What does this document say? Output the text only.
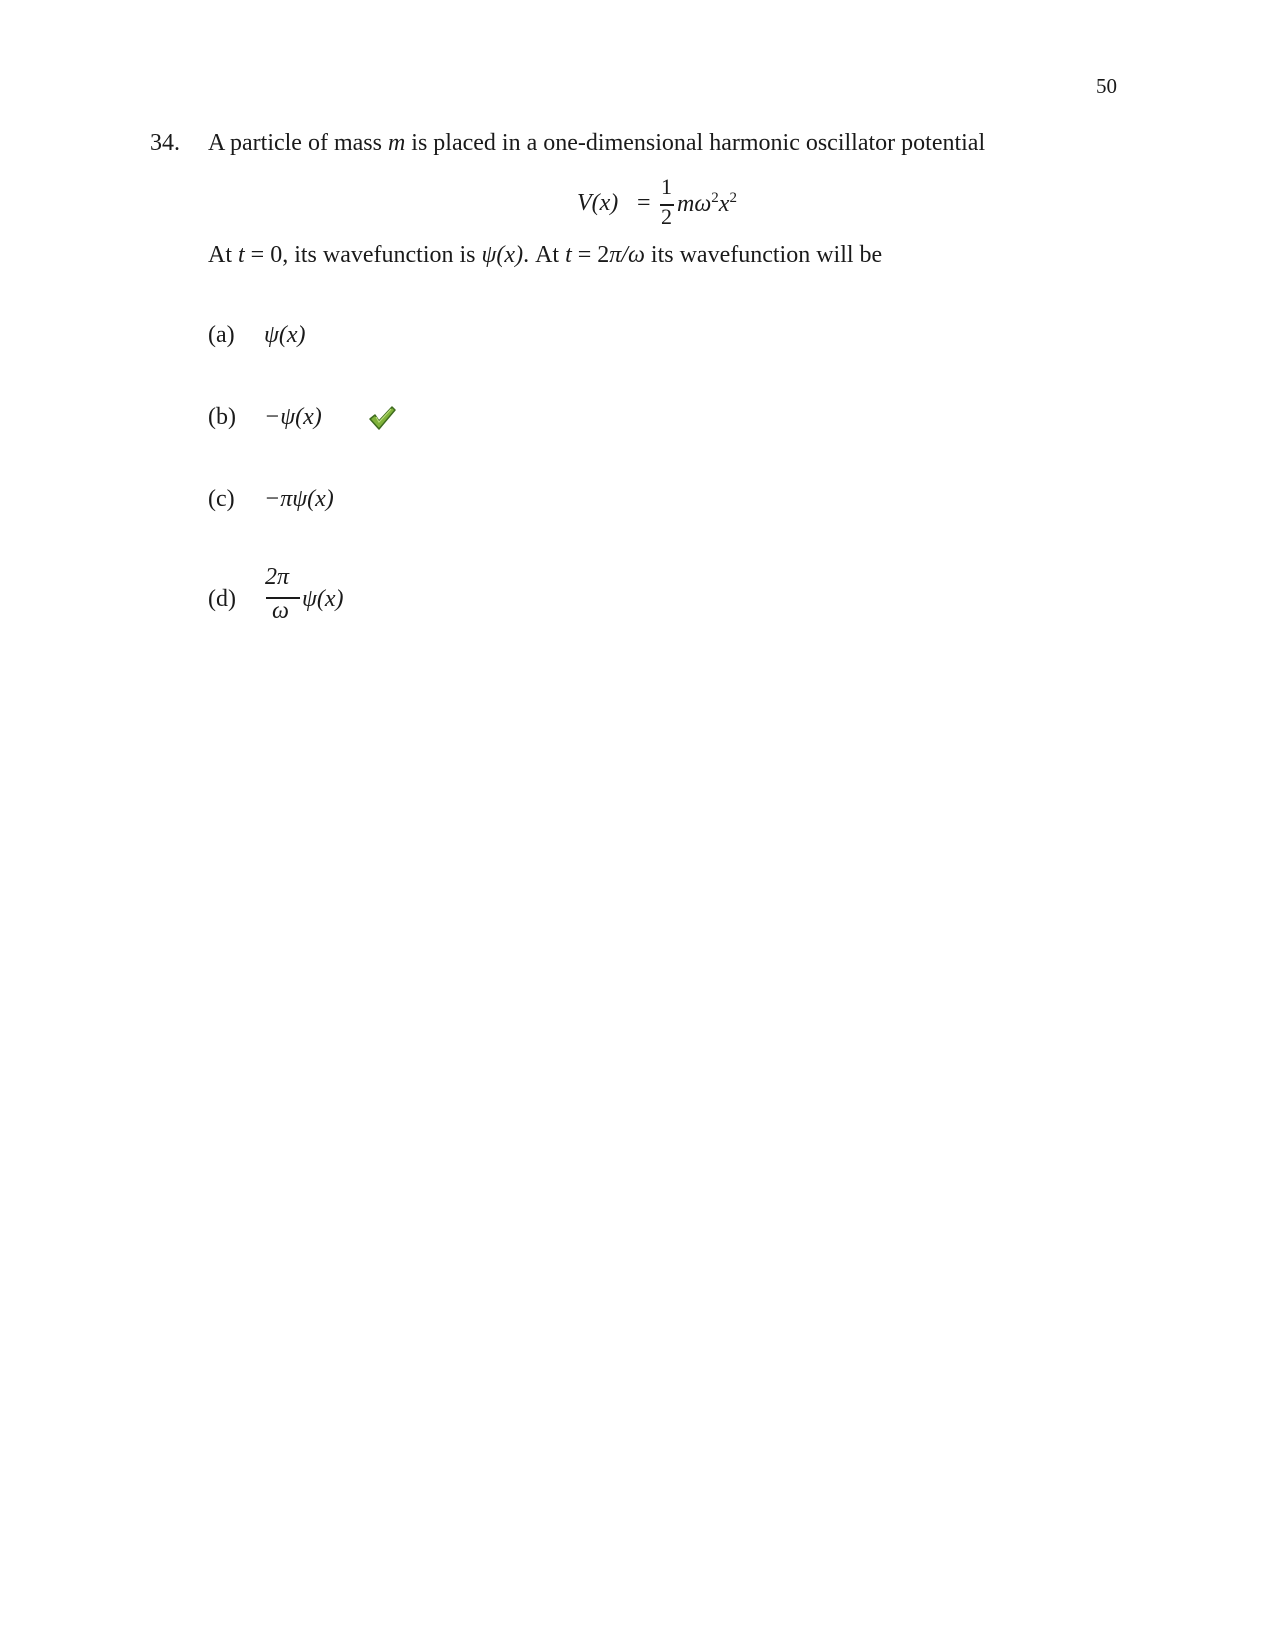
50
34. A particle of mass m is placed in a one-dimensional harmonic oscillator potential
V(x) =
1
2 $m\omega^2x^2$
At t = 0, its wavefunction is ψ(x). At t = 2π/ω its wavefunction will be
(a) ψ(x)
(b) −ψ(x)
(c) −πψ(x)
(d)
2π
ω ψ(x)
